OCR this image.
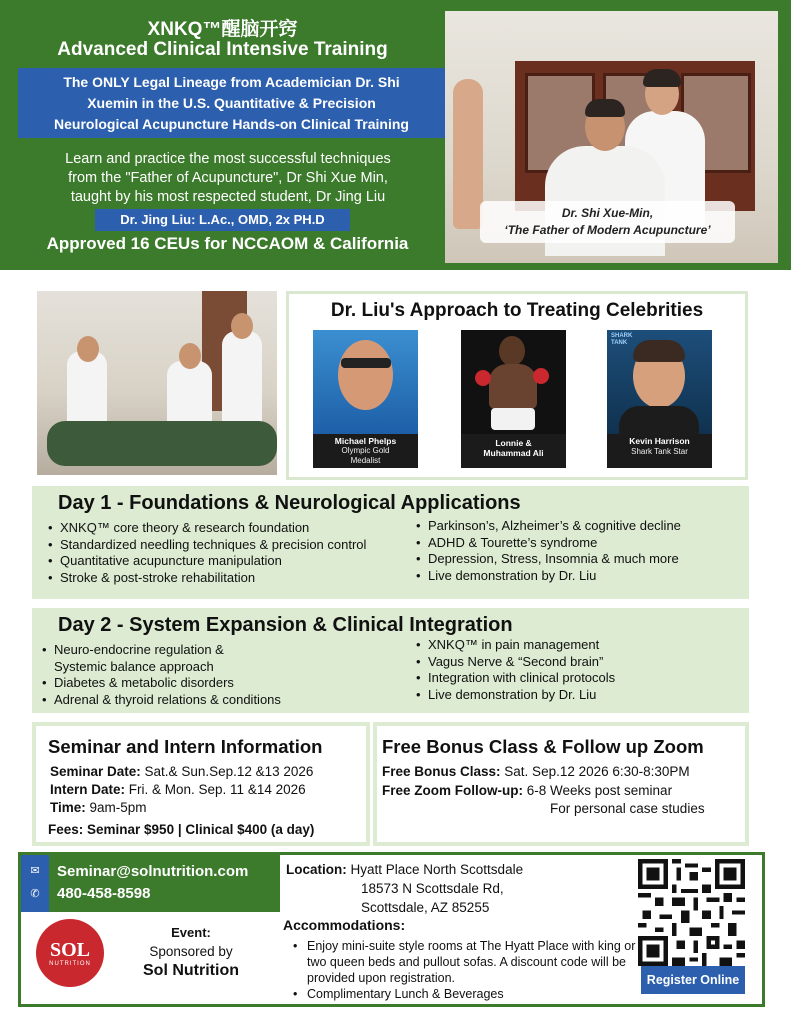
XNKQ™醒脑开窍
Advanced Clinical Intensive Training
The ONLY Legal Lineage from Academician Dr. Shi
Xuemin in the U.S. Quantitative & Precision
Neurological Acupuncture Hands-on Clinical Training
Learn and practice the most successful techniques
from the "Father of Acupuncture", Dr Shi Xue Min,
taught by his most respected student, Dr Jing Liu
Dr. Jing Liu: L.Ac., OMD, 2x PH.D
Approved 16 CEUs for NCCAOM & California
Dr. Shi Xue-Min,
‘The Father of Modern Acupuncture’
Dr. Liu's Approach to Treating Celebrities
Michael Phelps
Olympic Gold
Medalist
Lonnie &
Muhammad Ali
SHARK TANK
Kevin Harrison
Shark Tank Star
Day 1 - Foundations & Neurological Applications
• XNKQ™ core theory & research foundation
• Standardized needling techniques & precision control
• Quantitative acupuncture manipulation
• Stroke & post-stroke rehabilitation
• Parkinson’s, Alzheimer’s & cognitive decline
• ADHD & Tourette’s syndrome
• Depression, Stress, Insomnia & much more
• Live demonstration by Dr. Liu
Day 2 - System Expansion & Clinical Integration
• Neuro-endocrine regulation &
Systemic balance approach
• Diabetes & metabolic disorders
• Adrenal & thyroid relations & conditions
• XNKQ™ in pain management
• Vagus Nerve & “Second brain”
• Integration with clinical protocols
• Live demonstration by Dr. Liu
Seminar and Intern Information
Seminar Date: Sat.& Sun.Sep.12 &13 2026
Intern Date: Fri. & Mon. Sep. 11 &14 2026
Time: 9am-5pm
Fees: Seminar $950 | Clinical $400 (a day)
Free Bonus Class & Follow up Zoom
Free Bonus Class: Sat. Sep.12 2026 6:30-8:30PM
Free Zoom Follow-up: 6-8 Weeks post seminar
For personal case studies
✉
✆
Seminar@solnutrition.com
480-458-8598
SOL
NUTRITION
Event:
Sponsored by
Sol Nutrition
Location: Hyatt Place North Scottsdale
18573 N Scottsdale Rd,
Scottsdale, AZ 85255
Accommodations:
• Enjoy mini-suite style rooms at The Hyatt Place with king or two queen beds and pullout sofas. A discount code will be provided upon registration.
• Complimentary Lunch & Beverages
Register Online
